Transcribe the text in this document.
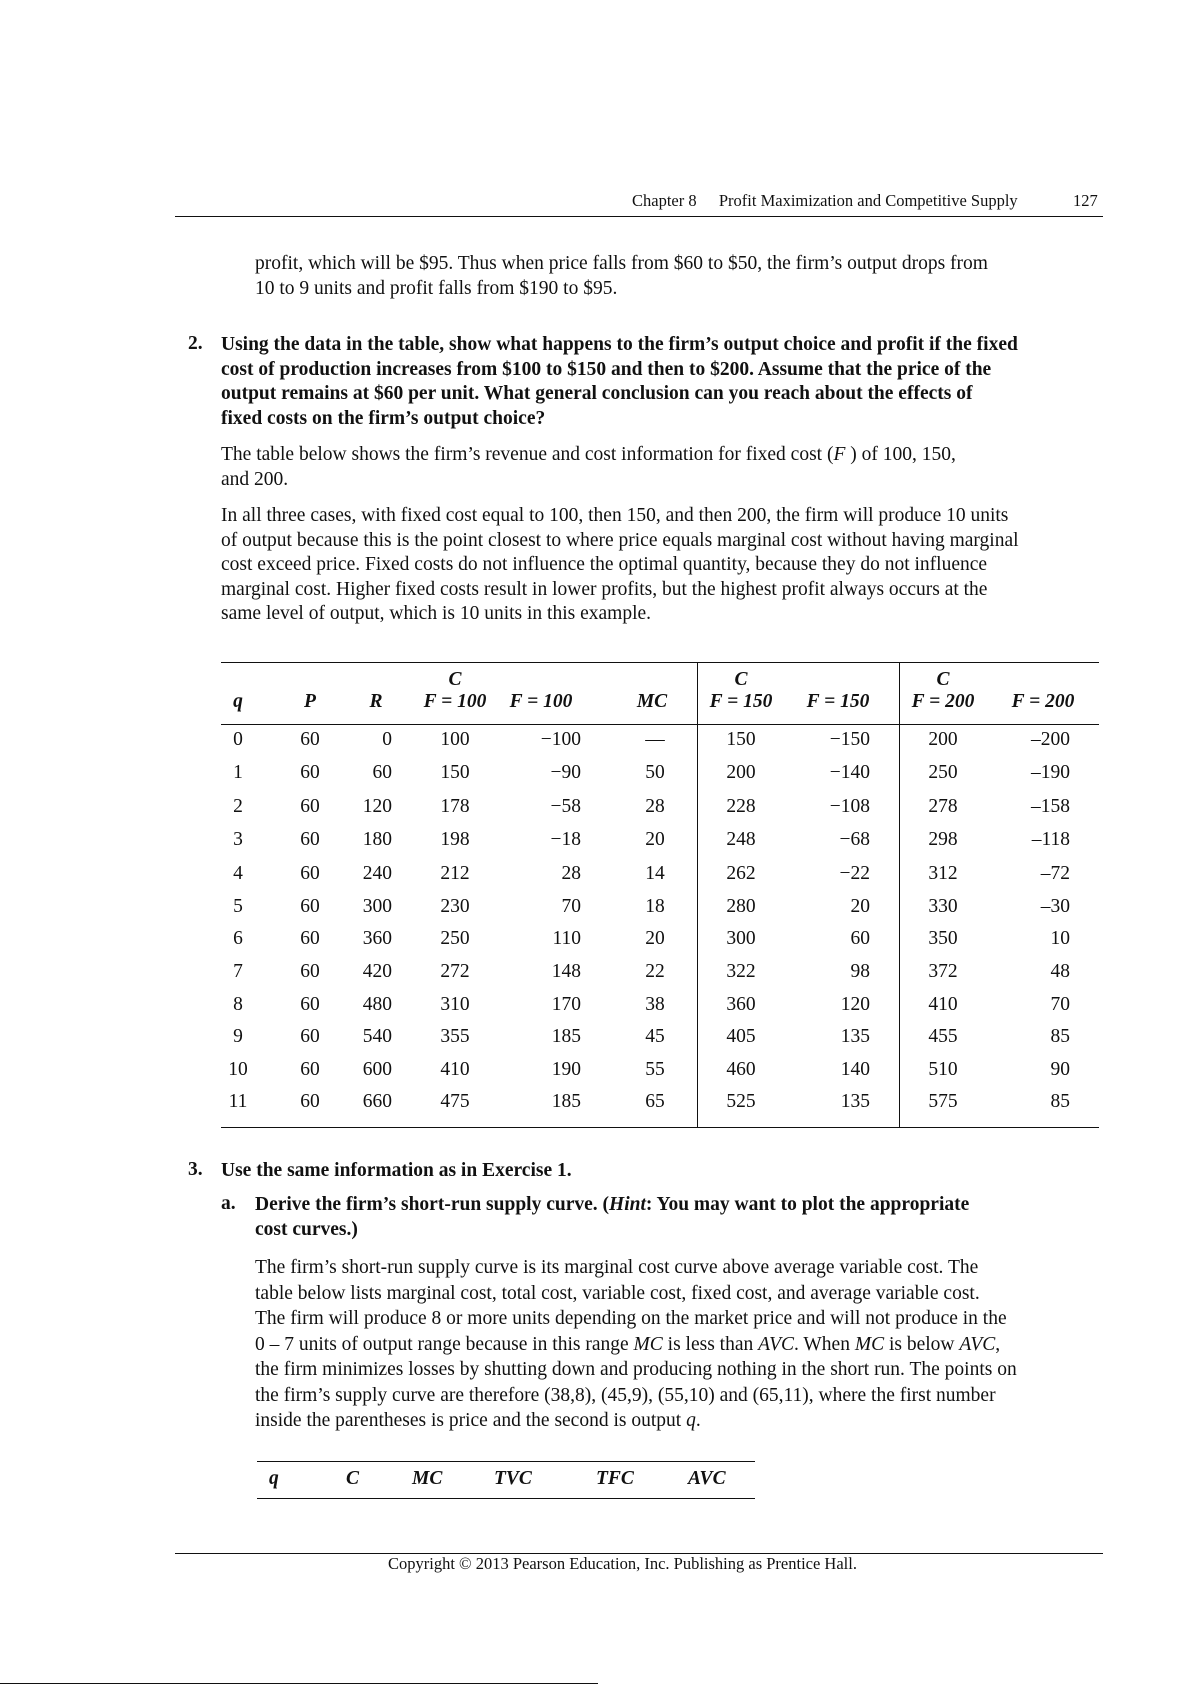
Chapter 8 Profit Maximization and Competitive Supply	127
profit, which will be $95. Thus when price falls from $60 to $50, the firm’s output drops from
10 to 9 units and profit falls from $190 to $95.
2. Using the data in the table, show what happens to the firm’s output choice and profit if the fixed
cost of production increases from $100 to $150 and then to $200. Assume that the price of the
output remains at $60 per unit. What general conclusion can you reach about the effects of
fixed costs on the firm’s output choice?
The table below shows the firm’s revenue and cost information for fixed cost (F ) of 100, 150,
and 200.
In all three cases, with fixed cost equal to 100, then 150, and then 200, the firm will produce 10 units
of output because this is the point closest to where price equals marginal cost without having marginal
cost exceed price. Fixed costs do not influence the optimal quantity, because they do not influence
marginal cost. Higher fixed costs result in lower profits, but the highest profit always occurs at the
same level of output, which is 10 units in this example.
C	C	C
q	P	R	F = 100	F = 100	MC	F = 150	F = 150	F = 200	F = 200
0	60	0	100	−100	—	150	−150	200	–200
1	60	60	150	−90	50	200	−140	250	–190
2	60	120	178	−58	28	228	−108	278	–158
3	60	180	198	−18	20	248	−68	298	–118
4	60	240	212	28	14	262	−22	312	–72
5	60	300	230	70	18	280	20	330	–30
6	60	360	250	110	20	300	60	350	10
7	60	420	272	148	22	322	98	372	48
8	60	480	310	170	38	360	120	410	70
9	60	540	355	185	45	405	135	455	85
10	60	600	410	190	55	460	140	510	90
11	60	660	475	185	65	525	135	575	85
3. Use the same information as in Exercise 1.
a. Derive the firm’s short-run supply curve. (Hint: You may want to plot the appropriate
cost curves.)
The firm’s short-run supply curve is its marginal cost curve above average variable cost. The
table below lists marginal cost, total cost, variable cost, fixed cost, and average variable cost.
The firm will produce 8 or more units depending on the market price and will not produce in the
0 – 7 units of output range because in this range MC is less than AVC. When MC is below AVC,
the firm minimizes losses by shutting down and producing nothing in the short run. The points on
the firm’s supply curve are therefore (38,8), (45,9), (55,10) and (65,11), where the first number
inside the parentheses is price and the second is output q.
q	C	MC	TVC	TFC	AVC
Copyright © 2013 Pearson Education, Inc. Publishing as Prentice Hall.
